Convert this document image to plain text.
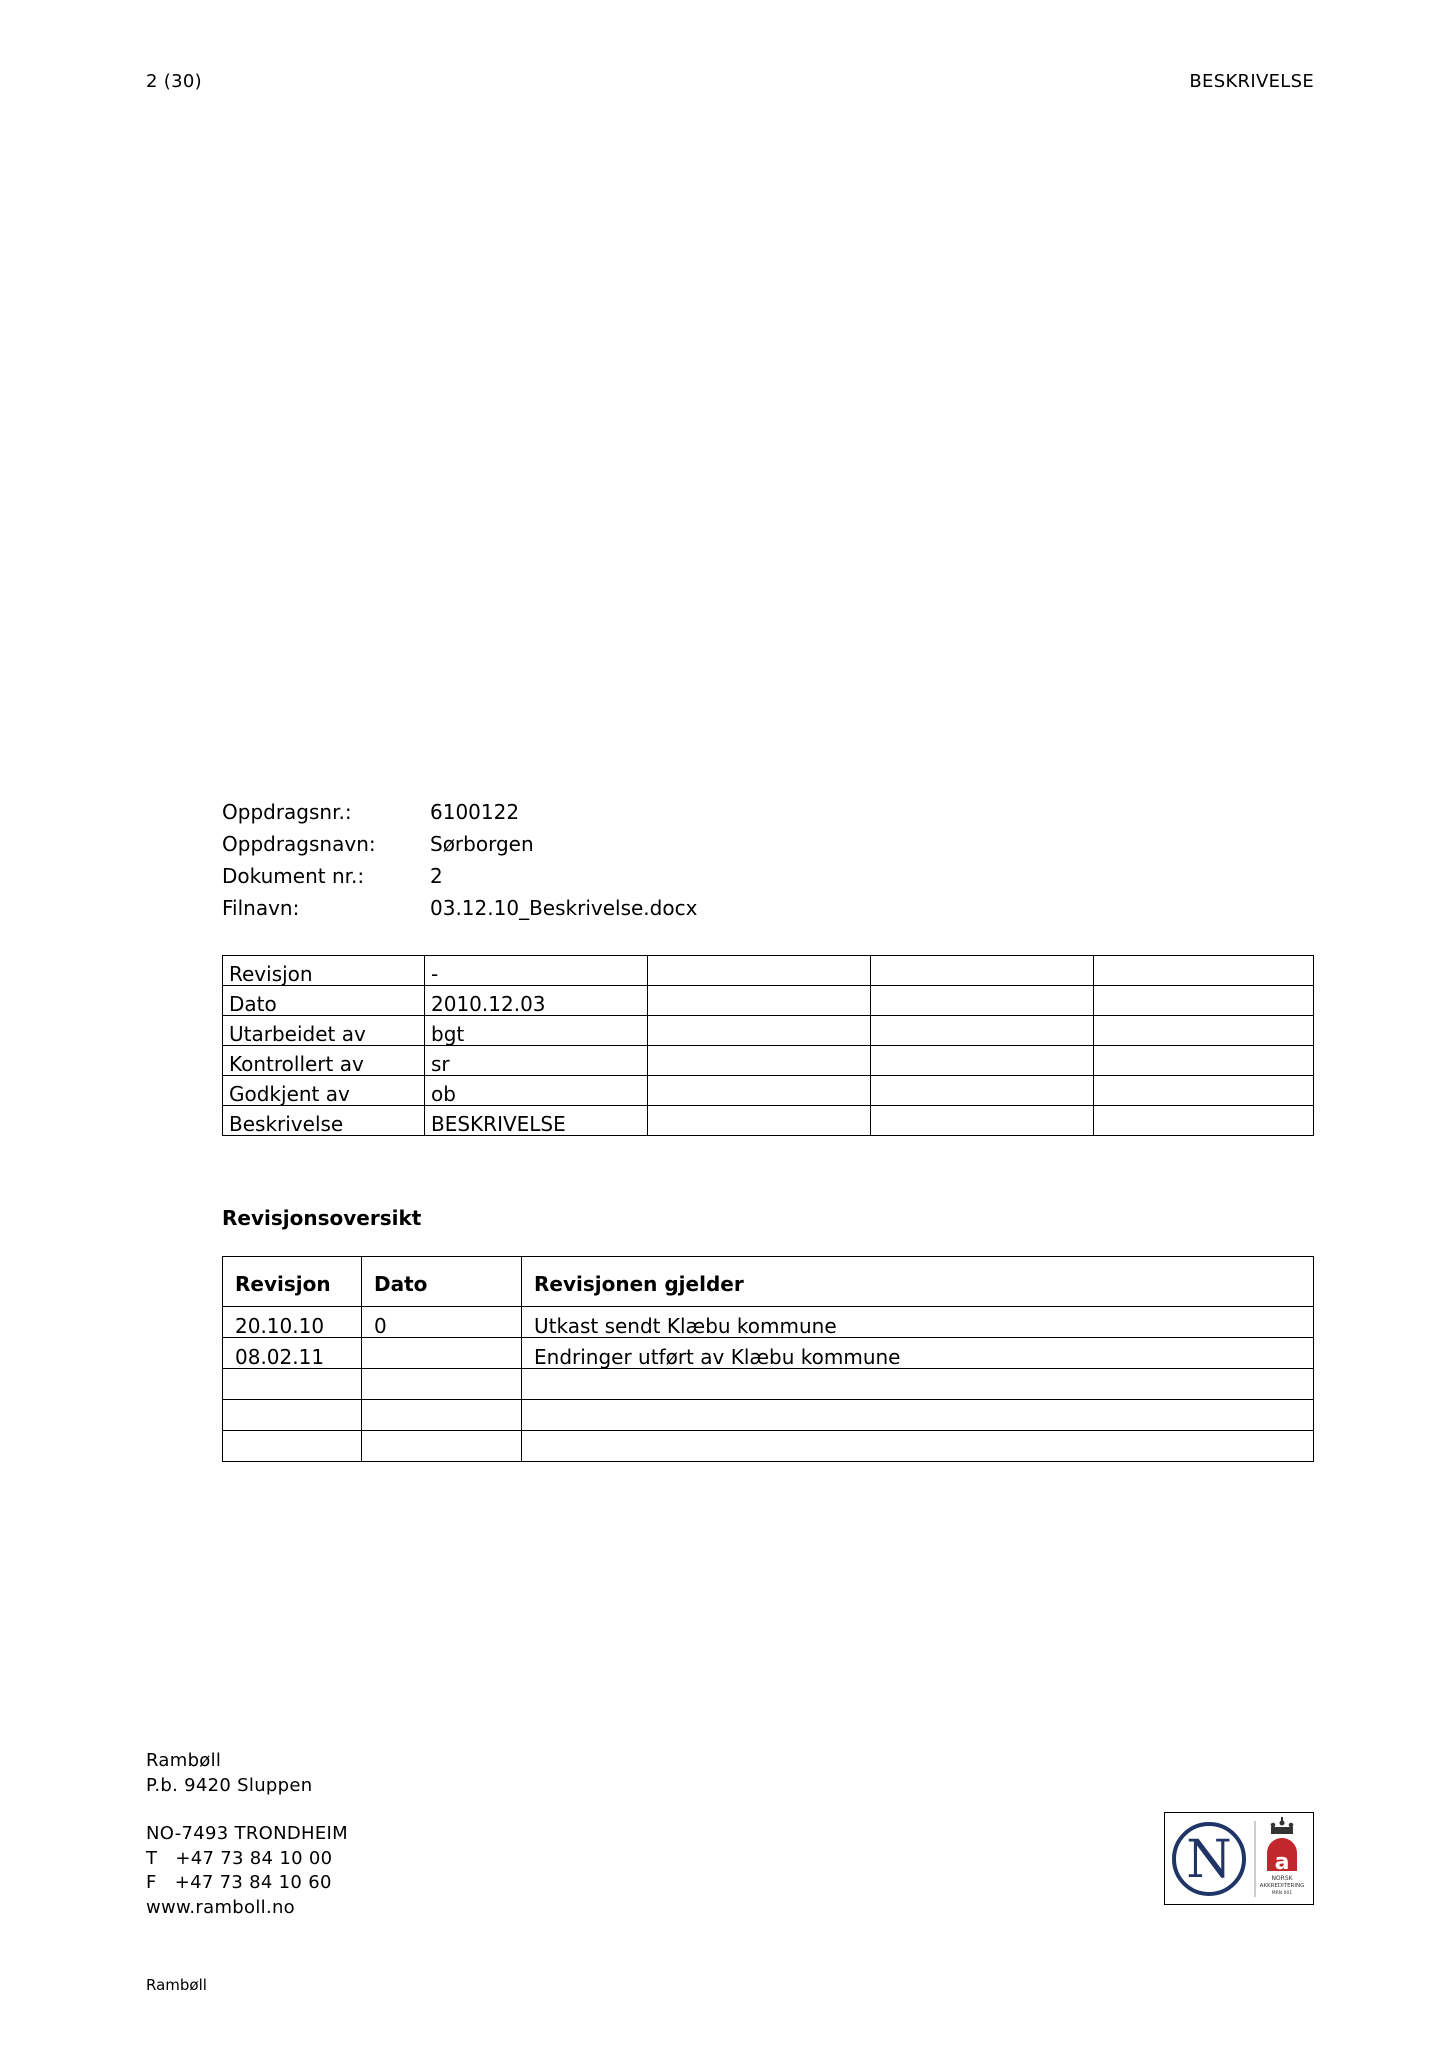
2 (30)	BESKRIVELSE
Oppdragsnr.:	6100122
Oppdragsnavn:	Sørborgen
Dokument nr.:	2
Filnavn:	03.12.10_Beskrivelse.docx
Revisjon	-			
Dato	2010.12.03			
Utarbeidet av	bgt			
Kontrollert av	sr			
Godkjent av	ob			
Beskrivelse	BESKRIVELSE			
Revisjonsoversikt
Revisjon	Dato	Revisjonen gjelder
20.10.10	0	Utkast sendt Klæbu kommune
08.02.11		Endringer utført av Klæbu kommune

Rambøll
P.b. 9420 Sluppen
NO-7493 TRONDHEIM
T   +47 73 84 10 00
F   +47 73 84 10 60
www.ramboll.no
Rambøll
N a
NORSK
AKKREDITERING
MRN 001
